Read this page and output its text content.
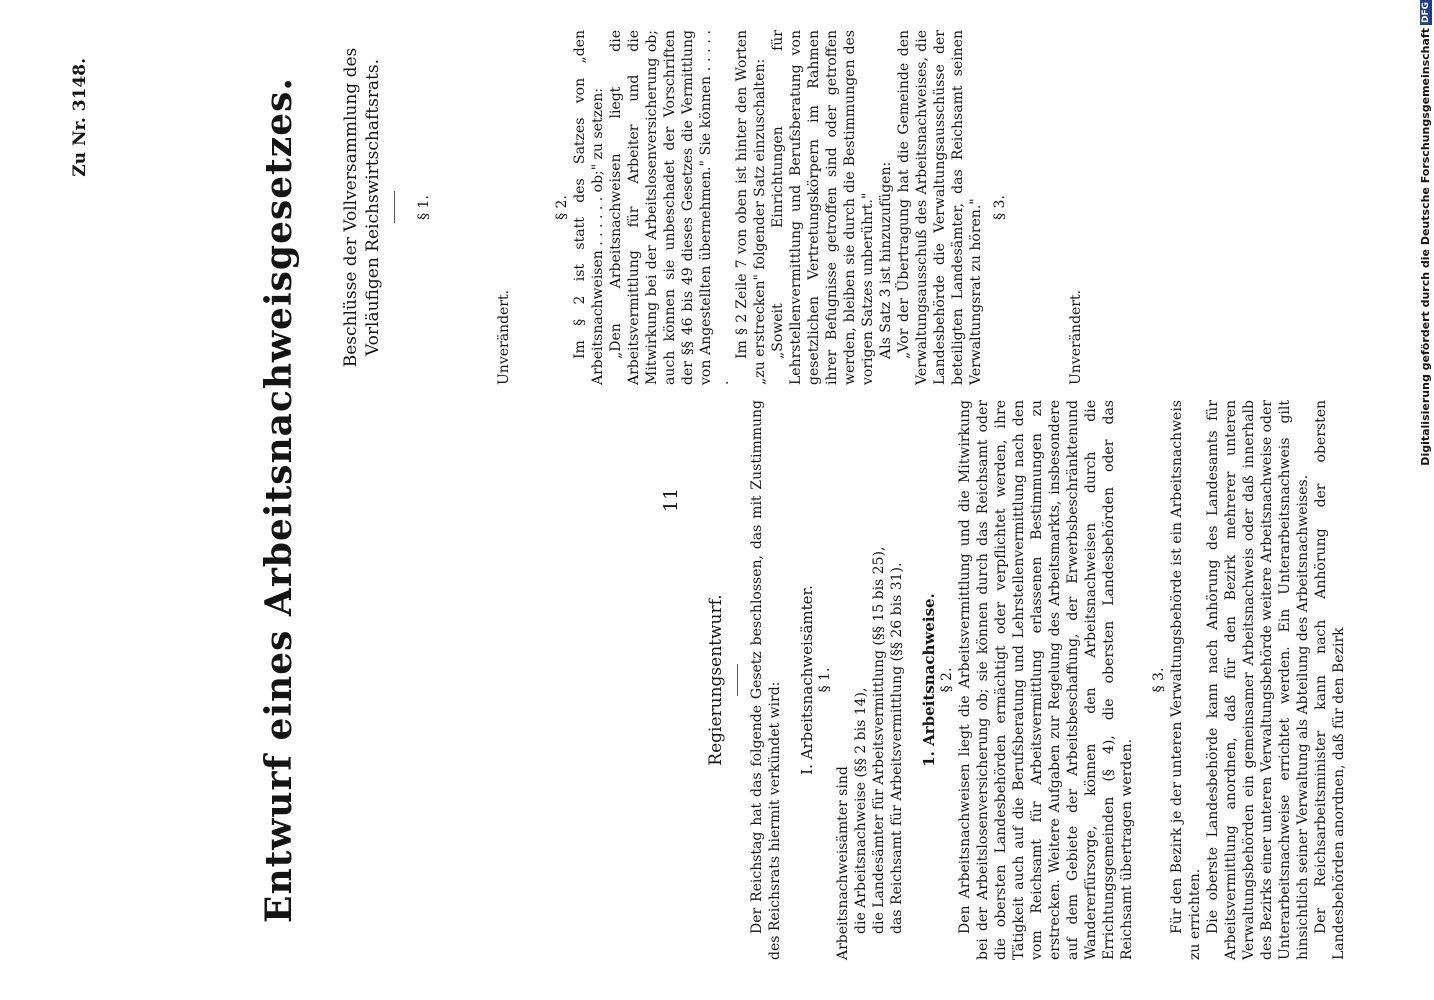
Zu Nr. 3148.	Entwurf eines Arbeitsnachweisgesetzes.	11

Regierungsentwurf. Der Reichstag hat das folgende Gesetz beschlossen, das mit Zustimmung des Reichsrats hiermit verkündet wird:

I. Arbeitsnachweisämter. § 1.

Arbeitsnachweisämter sind die Arbeitsnachweise (§§ 2 bis 14), die Landesämter für Arbeitsvermittlung (§§ 15 bis 25), das Reichsamt für Arbeitsvermittlung (§§ 26 bis 31). 1. Arbeitsnachweise. § 2. Den Arbeitsnachweisen liegt die Arbeitsvermittlung und die Mitwirkung bei der Arbeitslosenversicherung ob; sie können durch das Reichsamt oder die obersten Landesbehörden ermächtigt oder verpflichtet werden, ihre Tätigkeit auch auf die Berufsberatung und Lehrstellenvermittlung nach den vom Reichsamt für Arbeitsvermittlung erlassenen Bestimmungen zu erstrecken. Weitere Aufgaben zur Regelung des Arbeitsmarkts, insbesondere auf dem Gebiete der Arbeitsbeschaffung, der Erwerbsbeschränktenund Wandererfürsorge, können den Arbeitsnachweisen durch die Errichtungsgemeinden (§ 4), die obersten Landesbehörden oder das Reichsamt übertragen werden.

§ 3. Für den Bezirk je der unteren Verwaltungsbehörde ist ein Arbeitsnachweis zu errichten. Die oberste Landesbehörde kann nach Anhörung des Landesamts für Arbeitsvermittlung anordnen, daß für den Bezirk mehrerer unteren Verwaltungsbehörden ein gemeinsamer Arbeitsnachweis oder daß innerhalb des Bezirks einer unteren Verwaltungsbehörde weitere Arbeitsnachweise oder Unterarbeitsnachweise errichtet werden. Ein Unterarbeitsnachweis gilt hinsichtlich seiner Verwaltung als Abteilung des Arbeitsnachweises. Der Reichsarbeitsminister kann nach Anhörung der obersten Landesbehörden anordnen, daß für den Bezirk

Beschlüsse der Vollversammlung des Vorläufigen Reichswirtschaftsrats. § 1.

Unverändert.

§ 2. Im § 2 ist statt des Satzes von „den Arbeitsnachweisen . . . . . . ob;" zu setzen: „Den Arbeitsnachweisen liegt die Arbeitsvermittlung für Arbeiter und die Mitwirkung bei der Arbeitslosenversicherung ob; auch können sie unbeschadet der Vorschriften der §§ 46 bis 49 dieses Gesetzes die Vermittlung von Angestellten übernehmen." Sie können . . . . . .

Im § 2 Zeile 7 von oben ist hinter den Worten „zu erstrecken" folgender Satz einzuschalten: „Soweit Einrichtungen für Lehrstellenvermittlung und Berufsberatung von gesetzlichen Vertretungskörpern im Rahmen ihrer Befugnisse getroffen sind oder getroffen werden, bleiben sie durch die Bestimmungen des vorigen Satzes unberührt." Als Satz 3 ist hinzuzufügen: „Vor der Übertragung hat die Gemeinde den Verwaltungsausschuß des Arbeitsnachweises, die Landesbehörde die Verwaltungsausschüsse der beteiligten Landesämter, das Reichsamt seinen Verwaltungsrat zu hören." § 3.

Unverändert.	Digitalisierung gefördert durch die Deutsche ForschungsgemeinschaftDFG
